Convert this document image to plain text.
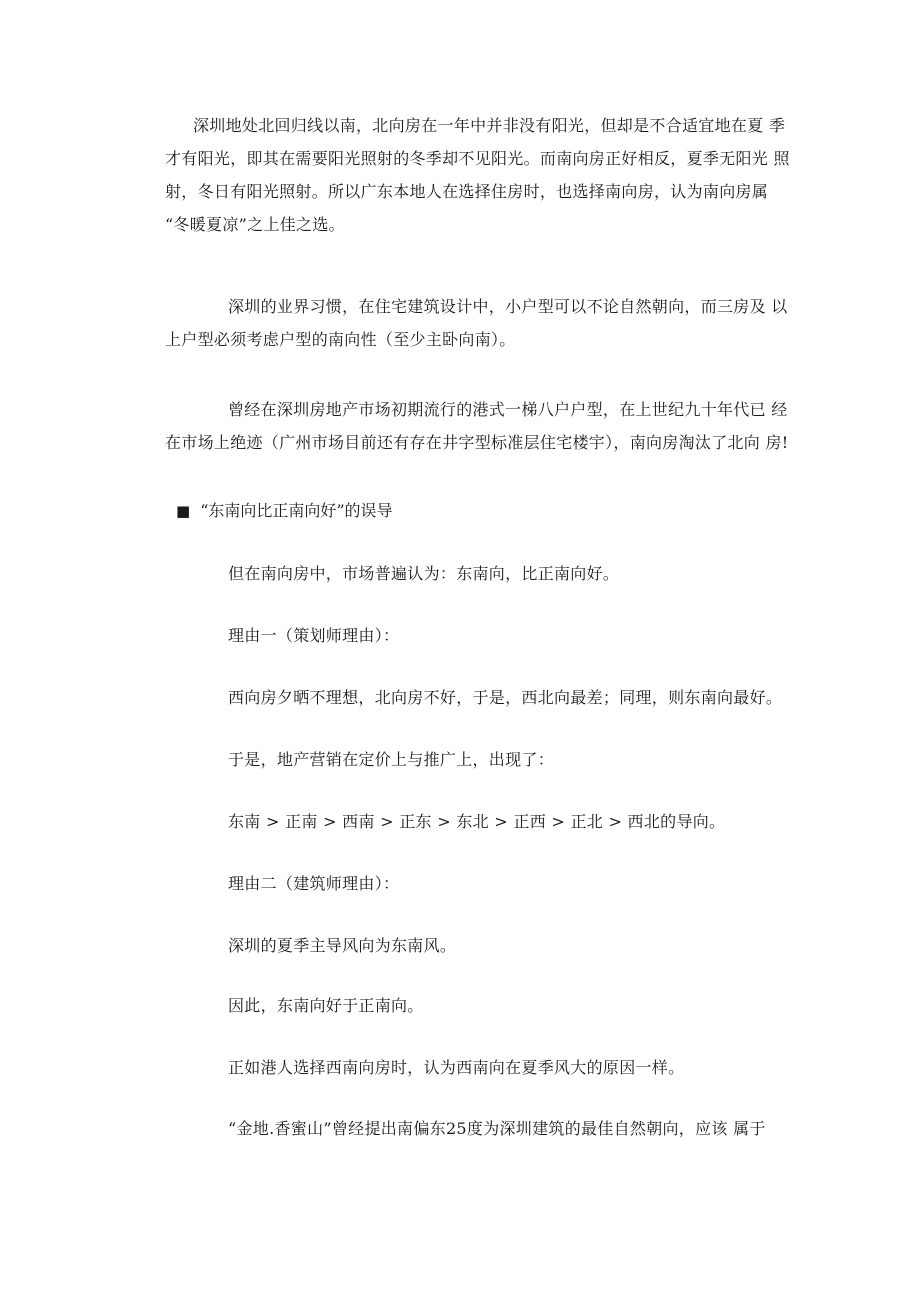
深圳地处北回归线以南，北向房在一年中并非没有阳光，但却是不合适宜地在夏 季才有阳光，即其在需要阳光照射的冬季却不见阳光。而南向房正好相反，夏季无阳光 照射，冬日有阳光照射。所以广东本地人在选择住房时，也选择南向房，认为南向房属 “冬暖夏凉”之上佳之选。

深圳的业界习惯，在住宅建筑设计中，小户型可以不论自然朝向，而三房及 以上户型必须考虑户型的南向性（至少主卧向南）。

曾经在深圳房地产市场初期流行的港式一梯八户户型，在上世纪九十年代已 经在市场上绝迹（广州市场目前还有存在井字型标准层住宅楼宇），南向房淘汰了北向 房!

■ “东南向比正南向好”的误导

但在南向房中，市场普遍认为：东南向，比正南向好。

理由一（策划师理由）：

西向房夕晒不理想，北向房不好，于是，西北向最差；同理，则东南向最好。

于是，地产营销在定价上与推广上，出现了：

东南 > 正南 > 西南 > 正东 > 东北 > 正西 > 正北 > 西北的导向。

理由二（建筑师理由）：

深圳的夏季主导风向为东南风。

因此，东南向好于正南向。

正如港人选择西南向房时，认为西南向在夏季风大的原因一样。

“金地.香蜜山”曾经提出南偏东25度为深圳建筑的最佳自然朝向，应该 属于
